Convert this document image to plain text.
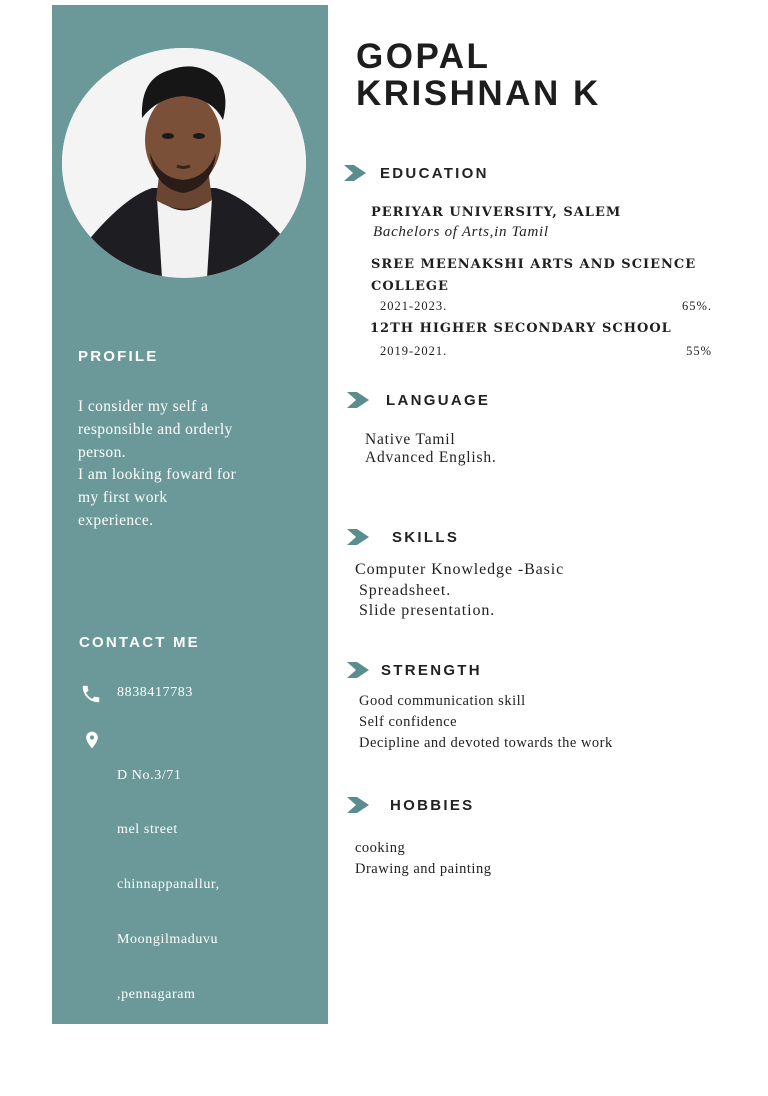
PROFILE
I consider my self a
responsible and orderly
person.
I am looking foward for
my first work
experience.
CONTACT ME
8838417783

D No.3/71

mel street

chinnappanallur,

Moongilmaduvu

,pennagaram

Dharmapuri-636810

GOPAL
KRISHNAN K
EDUCATION
PERIYAR UNIVERSITY, SALEM
Bachelors of Arts,in Tamil
SREE MEENAKSHI ARTS AND SCIENCE
COLLEGE
2021-2023.	65%.
12TH HIGHER SECONDARY SCHOOL
2019-2021.	55%
LANGUAGE
Native Tamil
Advanced English.
SKILLS
Computer Knowledge -Basic
Spreadsheet.
Slide presentation.
STRENGTH
Good communication skill
Self confidence
Decipline and devoted towards the work
HOBBIES
cooking
Drawing and painting
